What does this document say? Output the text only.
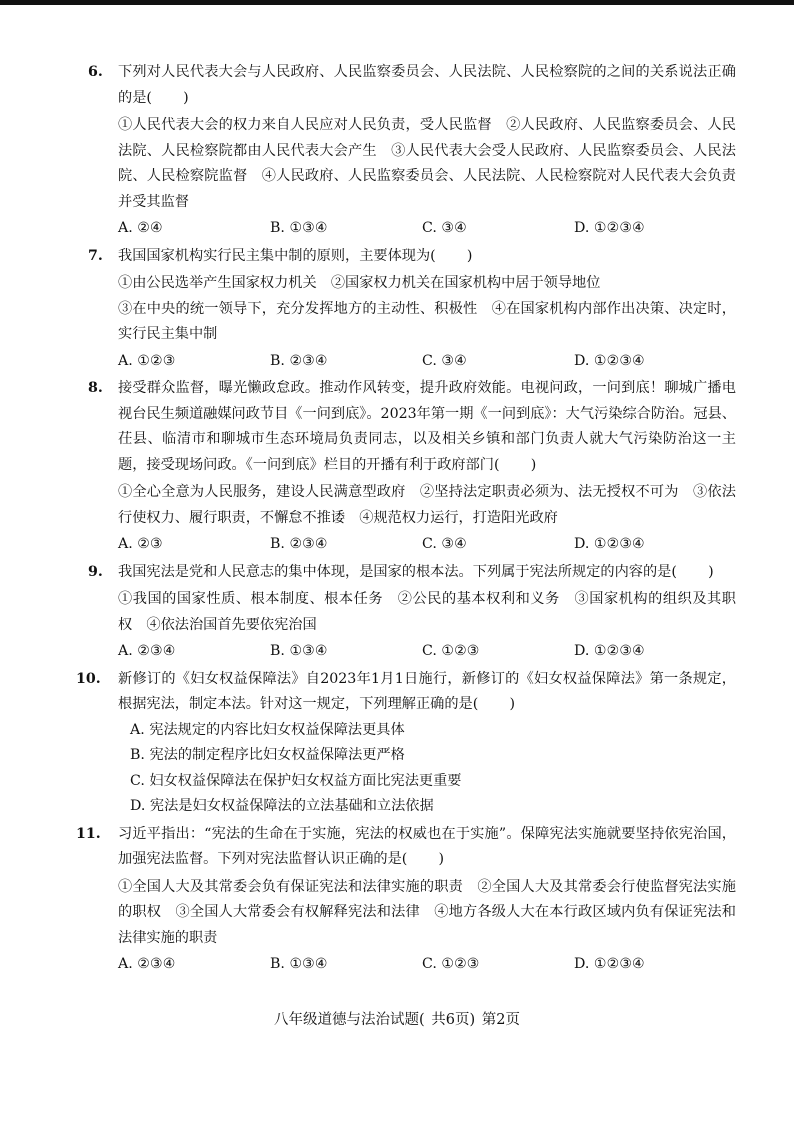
6.	下列对人民代表大会与人民政府、人民监察委员会、人民法院、人民检察院的之间的关系说法正确的是( )
①人民代表大会的权力来自人民应对人民负责，受人民监督  ②人民政府、人民监察委员会、人民法院、人民检察院都由人民代表大会产生  ③人民代表大会受人民政府、人民监察委员会、人民法院、人民检察院监督  ④人民政府、人民监察委员会、人民法院、人民检察院对人民代表大会负责并受其监督
A. ②④	B. ①③④	C. ③④	D. ①②③④
7.	我国国家机构实行民主集中制的原则，主要体现为( )
①由公民选举产生国家权力机关  ②国家权力机关在国家机构中居于领导地位
③在中央的统一领导下，充分发挥地方的主动性、积极性  ④在国家机构内部作出决策、决定时，实行民主集中制
A. ①②③	B. ②③④	C. ③④	D. ①②③④
8.	接受群众监督，曝光懒政怠政。推动作风转变，提升政府效能。电视问政，一问到底！聊城广播电视台民生频道融媒问政节目《一问到底》。2023年第一期《一问到底》：大气污染综合防治。冠县、茌县、临清市和聊城市生态环境局负责同志，以及相关乡镇和部门负责人就大气污染防治这一主题，接受现场问政。《一问到底》栏目的开播有利于政府部门( )
①全心全意为人民服务，建设人民满意型政府  ②坚持法定职责必须为、法无授权不可为  ③依法行使权力、履行职责，不懈怠不推诿  ④规范权力运行，打造阳光政府
A. ②③	B. ②③④	C. ③④	D. ①②③④
9.	我国宪法是党和人民意志的集中体现，是国家的根本法。下列属于宪法所规定的内容的是( )
①我国的国家性质、根本制度、根本任务  ②公民的基本权利和义务  ③国家机构的组织及其职权  ④依法治国首先要依宪治国
A. ②③④	B. ①③④	C. ①②③	D. ①②③④
10.	新修订的《妇女权益保障法》自2023年1月1日施行，新修订的《妇女权益保障法》第一条规定，根据宪法，制定本法。针对这一规定，下列理解正确的是( )
A. 宪法规定的内容比妇女权益保障法更具体
B. 宪法的制定程序比妇女权益保障法更严格
C. 妇女权益保障法在保护妇女权益方面比宪法更重要
D. 宪法是妇女权益保障法的立法基础和立法依据
11.	习近平指出：“宪法的生命在于实施，宪法的权威也在于实施”。保障宪法实施就要坚持依宪治国，加强宪法监督。下列对宪法监督认识正确的是( )
①全国人大及其常委会负有保证宪法和法律实施的职责  ②全国人大及其常委会行使监督宪法实施的职权  ③全国人大常委会有权解释宪法和法律  ④地方各级人大在本行政区域内负有保证宪法和法律实施的职责
A. ②③④	B. ①③④	C. ①②③	D. ①②③④
八年级道德与法治试题( 共6页) 第2页
